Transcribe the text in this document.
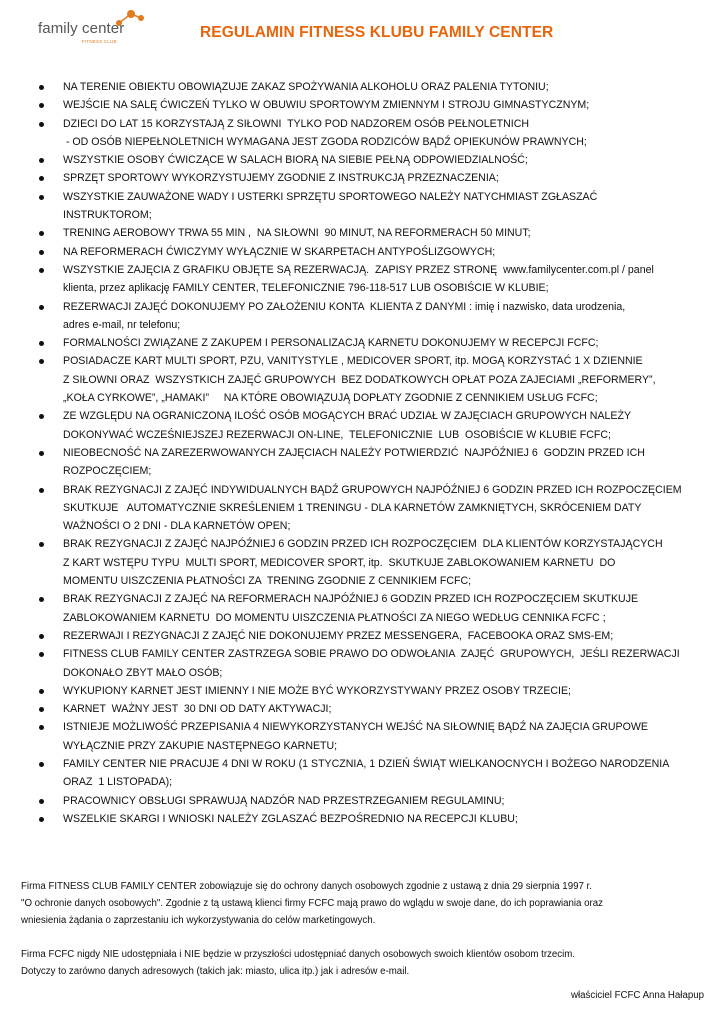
family center
FITNESS CLUB
REGULAMIN FITNESS KLUBU FAMILY CENTER
NA TERENIE OBIEKTU OBOWIĄZUJE ZAKAZ SPOŻYWANIA ALKOHOLU ORAZ PALENIA TYTONIU;
WEJŚCIE NA SALĘ ĆWICZEŃ TYLKO W OBUWIU SPORTOWYM ZMIENNYM I STROJU GIMNASTYCZNYM;
DZIECI DO LAT 15 KORZYSTAJĄ Z SIŁOWNI  TYLKO POD NADZOREM OSÓB PEŁNOLETNICH
- OD OSÓB NIEPEŁNOLETNICH WYMAGANA JEST ZGODA RODZICÓW BĄDŹ OPIEKUNÓW PRAWNYCH;
WSZYSTKIE OSOBY ĆWICZĄCE W SALACH BIORĄ NA SIEBIE PEŁNĄ ODPOWIEDZIALNOŚĆ;
SPRZĘT SPORTOWY WYKORZYSTUJEMY ZGODNIE Z INSTRUKCJĄ PRZEZNACZENIA;
WSZYSTKIE ZAUWAŻONE WADY I USTERKI SPRZĘTU SPORTOWEGO NALEŻY NATYCHMIAST ZGŁASZAĆ
INSTRUKTOROM;
TRENING AEROBOWY TRWA 55 MIN ,  NA SIŁOWNI  90 MINUT, NA REFORMERACH 50 MINUT;
NA REFORMERACH ĆWICZYMY WYŁĄCZNIE W SKARPETACH ANTYPOŚLIZGOWYCH;
WSZYSTKIE ZAJĘCIA Z GRAFIKU OBJĘTE SĄ REZERWACJĄ.  ZAPISY PRZEZ STRONĘ  www.familycenter.com.pl / panel
klienta, przez aplikację FAMILY CENTER, TELEFONICZNIE 796-118-517 LUB OSOBIŚCIE W KLUBIE;
REZERWACJI ZAJĘĆ DOKONUJEMY PO ZAŁOŻENIU KONTA  KLIENTA Z DANYMI : imię i nazwisko, data urodzenia,
adres e-mail, nr telefonu;
FORMALNOŚCI ZWIĄZANE Z ZAKUPEM I PERSONALIZACJĄ KARNETU DOKONUJEMY W RECEPCJI FCFC;
POSIADACZE KART MULTI SPORT, PZU, VANITYSTYLE , MEDICOVER SPORT, itp. MOGĄ KORZYSTAĆ 1 X DZIENNIE
Z SIŁOWNI ORAZ  WSZYSTKICH ZAJĘĆ GRUPOWYCH  BEZ DODATKOWYCH OPŁAT POZA ZAJECIAMI „REFORMERY”,
„KOŁA CYRKOWE”, „HAMAKI”     NA KTÓRE OBOWIĄZUJĄ DOPŁATY ZGODNIE Z CENNIKIEM USŁUG FCFC;
ZE WZGLĘDU NA OGRANICZONĄ ILOŚĆ OSÓB MOGĄCYCH BRAĆ UDZIAŁ W ZAJĘCIACH GRUPOWYCH NALEŻY
DOKONYWAĆ WCZEŚNIEJSZEJ REZERWACJI ON-LINE,  TELEFONICZNIE  LUB  OSOBIŚCIE W KLUBIE FCFC;
NIEOBECNOŚĆ NA ZAREZERWOWANYCH ZAJĘCIACH NALEŻY POTWIERDZIĆ  NAJPÓŹNIEJ 6  GODZIN PRZED ICH
ROZPOCZĘCIEM;
BRAK REZYGNACJI Z ZAJĘĆ INDYWIDUALNYCH BĄDŹ GRUPOWYCH NAJPÓŹNIEJ 6 GODZIN PRZED ICH ROZPOCZĘCIEM
SKUTKUJE   AUTOMATYCZNIE SKREŚLENIEM 1 TRENINGU - DLA KARNETÓW ZAMKNIĘTYCH, SKRÓCENIEM DATY
WAŻNOŚCI O 2 DNI - DLA KARNETÓW OPEN;
BRAK REZYGNACJI Z ZAJĘĆ NAJPÓŹNIEJ 6 GODZIN PRZED ICH ROZPOCZĘCIEM  DLA KLIENTÓW KORZYSTAJĄCYCH
Z KART WSTĘPU TYPU  MULTI SPORT, MEDICOVER SPORT, itp.  SKUTKUJE ZABLOKOWANIEM KARNETU  DO
MOMENTU UISZCZENIA PŁATNOŚCI ZA  TRENING ZGODNIE Z CENNIKIEM FCFC;
BRAK REZYGNACJI Z ZAJĘĆ NA REFORMERACH NAJPÓŹNIEJ 6 GODZIN PRZED ICH ROZPOCZĘCIEM SKUTKUJE
ZABLOKOWANIEM KARNETU  DO MOMENTU UISZCZENIA PŁATNOŚCI ZA NIEGO WEDŁUG CENNIKA FCFC ;
REZERWAJI I REZYGNACJI Z ZAJĘĆ NIE DOKONUJEMY PRZEZ MESSENGERA,  FACEBOOKA ORAZ SMS-EM;
FITNESS CLUB FAMILY CENTER ZASTRZEGA SOBIE PRAWO DO ODWOŁANIA  ZAJĘĆ  GRUPOWYCH,  JEŚLI REZERWACJI
DOKONAŁO ZBYT MAŁO OSÓB;
WYKUPIONY KARNET JEST IMIENNY I NIE MOŻE BYĆ WYKORZYSTYWANY PRZEZ OSOBY TRZECIE;
KARNET  WAŻNY JEST  30 DNI OD DATY AKTYWACJI;
ISTNIEJE MOŻLIWOŚĆ PRZEPISANIA 4 NIEWYKORZYSTANYCH WEJŚĆ NA SIŁOWNIĘ BĄDŹ NA ZAJĘCIA GRUPOWE
WYŁĄCZNIE PRZY ZAKUPIE NASTĘPNEGO KARNETU;
FAMILY CENTER NIE PRACUJE 4 DNI W ROKU (1 STYCZNIA, 1 DZIEŃ ŚWIĄT WIELKANOCNYCH I BOŻEGO NARODZENIA
ORAZ  1 LISTOPADA);
PRACOWNICY OBSŁUGI SPRAWUJĄ NADZÓR NAD PRZESTRZEGANIEM REGULAMINU;
WSZELKIE SKARGI I WNIOSKI NALEŻY ZGLASZAĆ BEZPOŚREDNIO NA RECEPCJI KLUBU;
Firma FITNESS CLUB FAMILY CENTER zobowiązuje się do ochrony danych osobowych zgodnie z ustawą z dnia 29 sierpnia 1997 r.
"O ochronie danych osobowych". Zgodnie z tą ustawą klienci firmy FCFC mają prawo do wglądu w swoje dane, do ich poprawiania oraz
wniesienia żądania o zaprzestaniu ich wykorzystywania do celów marketingowych.

Firma FCFC nigdy NIE udostępniała i NIE będzie w przyszłości udostępniać danych osobowych swoich klientów osobom trzecim.
Dotyczy to zarówno danych adresowych (takich jak: miasto, ulica itp.) jak i adresów e-mail.
właściciel FCFC Anna Hałapup
